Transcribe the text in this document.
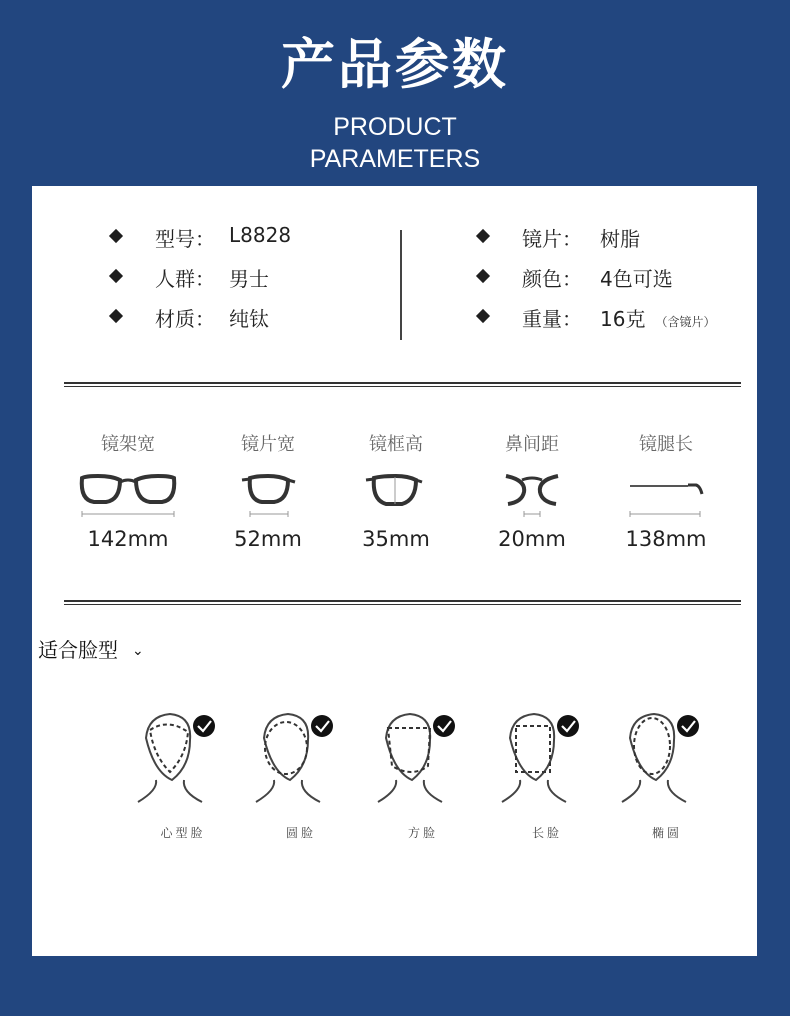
产品参数
PRODUCT
PARAMETERS
型号： L8828
人群： 男士
材质： 纯钛
镜片： 树脂
颜色： 4色可选
重量： 16克 （含镜片）
镜架宽
142mm
镜片宽
52mm
镜框高
35mm
鼻间距
20mm
镜腿长
138mm
适合脸型 ⌄
心型脸	圆脸	方脸	长脸	椭圆
